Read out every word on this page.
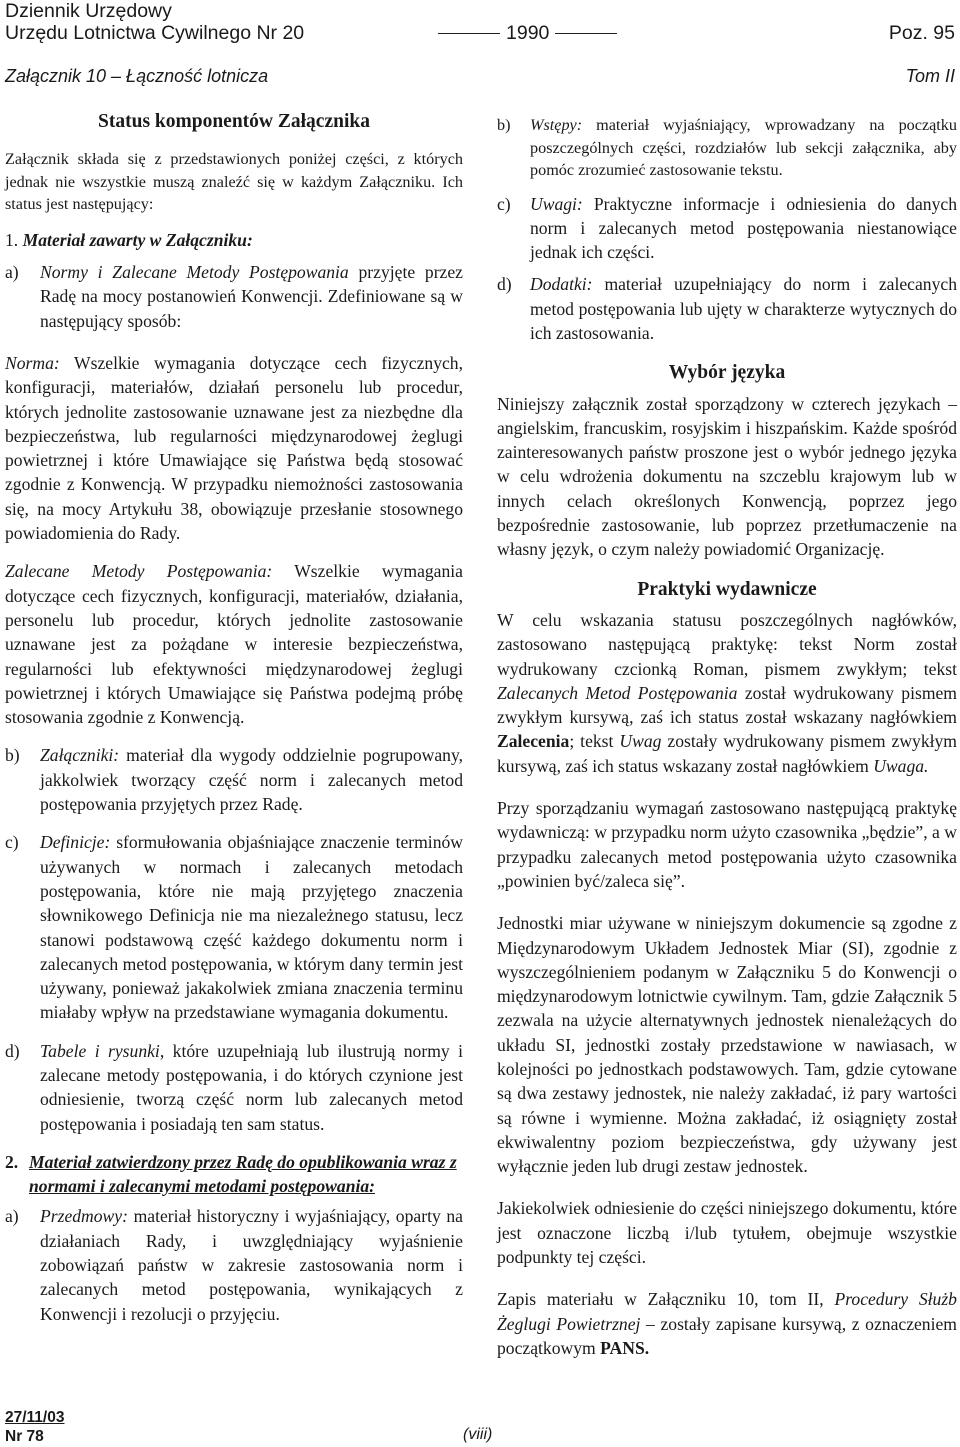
Dziennik Urzędowy
Urzędu Lotnictwa Cywilnego Nr 20	1990	Poz. 95
Załącznik 10 – Łączność lotnicza	Tom II

Status komponentów Załącznika

Załącznik składa się z przedstawionych poniżej części, z których jednak nie wszystkie muszą znaleźć się w każdym Załączniku. Ich status jest następujący:

1. Materiał zawarty w Załączniku:

a) Normy i Zalecane Metody Postępowania przyjęte przez Radę na mocy postanowień Konwencji. Zdefiniowane są w następujący sposób:

Norma: Wszelkie wymagania dotyczące cech fizycznych, konfiguracji, materiałów, działań personelu lub procedur, których jednolite zastosowanie uznawane jest za niezbędne dla bezpieczeństwa, lub regularności międzynarodowej żeglugi powietrznej i które Umawiające się Państwa będą stosować zgodnie z Konwencją. W przypadku niemożności zastosowania się, na mocy Artykułu 38, obowiązuje przesłanie stosownego powiadomienia do Rady.

Zalecane Metody Postępowania: Wszelkie wymagania dotyczące cech fizycznych, konfiguracji, materiałów, działania, personelu lub procedur, których jednolite zastosowanie uznawane jest za pożądane w interesie bezpieczeństwa, regularności lub efektywności międzynarodowej żeglugi powietrznej i których Umawiające się Państwa podejmą próbę stosowania zgodnie z Konwencją.

b) Załączniki: materiał dla wygody oddzielnie pogrupowany, jakkolwiek tworzący część norm i zalecanych metod postępowania przyjętych przez Radę.
c) Definicje: sformułowania objaśniające znaczenie terminów używanych w normach i zalecanych metodach postępowania, które nie mają przyjętego znaczenia słownikowego Definicja nie ma niezależnego statusu, lecz stanowi podstawową część każdego dokumentu norm i zalecanych metod postępowania, w którym dany termin jest używany, ponieważ jakakolwiek zmiana znaczenia terminu miałaby wpływ na przedstawiane wymagania dokumentu.
d) Tabele i rysunki, które uzupełniają lub ilustrują normy i zalecane metody postępowania, i do których czynione jest odniesienie, tworzą część norm lub zalecanych metod postępowania i posiadają ten sam status.
2. Materiał zatwierdzony przez Radę do opublikowania wraz z normami i zalecanymi metodami postępowania:
a) Przedmowy: materiał historyczny i wyjaśniający, oparty na działaniach Rady, i uwzględniający wyjaśnienie zobowiązań państw w zakresie zastosowania norm i zalecanych metod postępowania, wynikających z Konwencji i rezolucji o przyjęciu.
b) Wstępy: materiał wyjaśniający, wprowadzany na początku poszczególnych części, rozdziałów lub sekcji załącznika, aby pomóc zrozumieć zastosowanie tekstu.
c) Uwagi: Praktyczne informacje i odniesienia do danych norm i zalecanych metod postępowania niestanowiące jednak ich części.
d) Dodatki: materiał uzupełniający do norm i zalecanych metod postępowania lub ujęty w charakterze wytycznych do ich zastosowania.

Wybór języka

Niniejszy załącznik został sporządzony w czterech językach – angielskim, francuskim, rosyjskim i hiszpańskim. Każde spośród zainteresowanych państw proszone jest o wybór jednego języka w celu wdrożenia dokumentu na szczeblu krajowym lub w innych celach określonych Konwencją, poprzez jego bezpośrednie zastosowanie, lub poprzez przetłumaczenie na własny język, o czym należy powiadomić Organizację.

Praktyki wydawnicze

W celu wskazania statusu poszczególnych nagłówków, zastosowano następującą praktykę: tekst Norm został wydrukowany czcionką Roman, pismem zwykłym; tekst Zalecanych Metod Postępowania został wydrukowany pismem zwykłym kursywą, zaś ich status został wskazany nagłówkiem Zalecenia; tekst Uwag zostały wydrukowany pismem zwykłym kursywą, zaś ich status wskazany został nagłówkiem Uwaga.

Przy sporządzaniu wymagań zastosowano następującą praktykę wydawniczą: w przypadku norm użyto czasownika „będzie”, a w przypadku zalecanych metod postępowania użyto czasownika „powinien być/zaleca się”.

Jednostki miar używane w niniejszym dokumencie są zgodne z Międzynarodowym Układem Jednostek Miar (SI), zgodnie z wyszczególnieniem podanym w Załączniku 5 do Konwencji o międzynarodowym lotnictwie cywilnym. Tam, gdzie Załącznik 5 zezwala na użycie alternatywnych jednostek nienależących do układu SI, jednostki zostały przedstawione w nawiasach, w kolejności po jednostkach podstawowych. Tam, gdzie cytowane są dwa zestawy jednostek, nie należy zakładać, iż pary wartości są równe i wymienne. Można zakładać, iż osiągnięty został ekwiwalentny poziom bezpieczeństwa, gdy używany jest wyłącznie jeden lub drugi zestaw jednostek.

Jakiekolwiek odniesienie do części niniejszego dokumentu, które jest oznaczone liczbą i/lub tytułem, obejmuje wszystkie podpunkty tej części.

Zapis materiału w Załączniku 10, tom II, Procedury Służb Żeglugi Powietrznej – zostały zapisane kursywą, z oznaczeniem początkowym PANS.

27/11/03
Nr 78	(viii)
